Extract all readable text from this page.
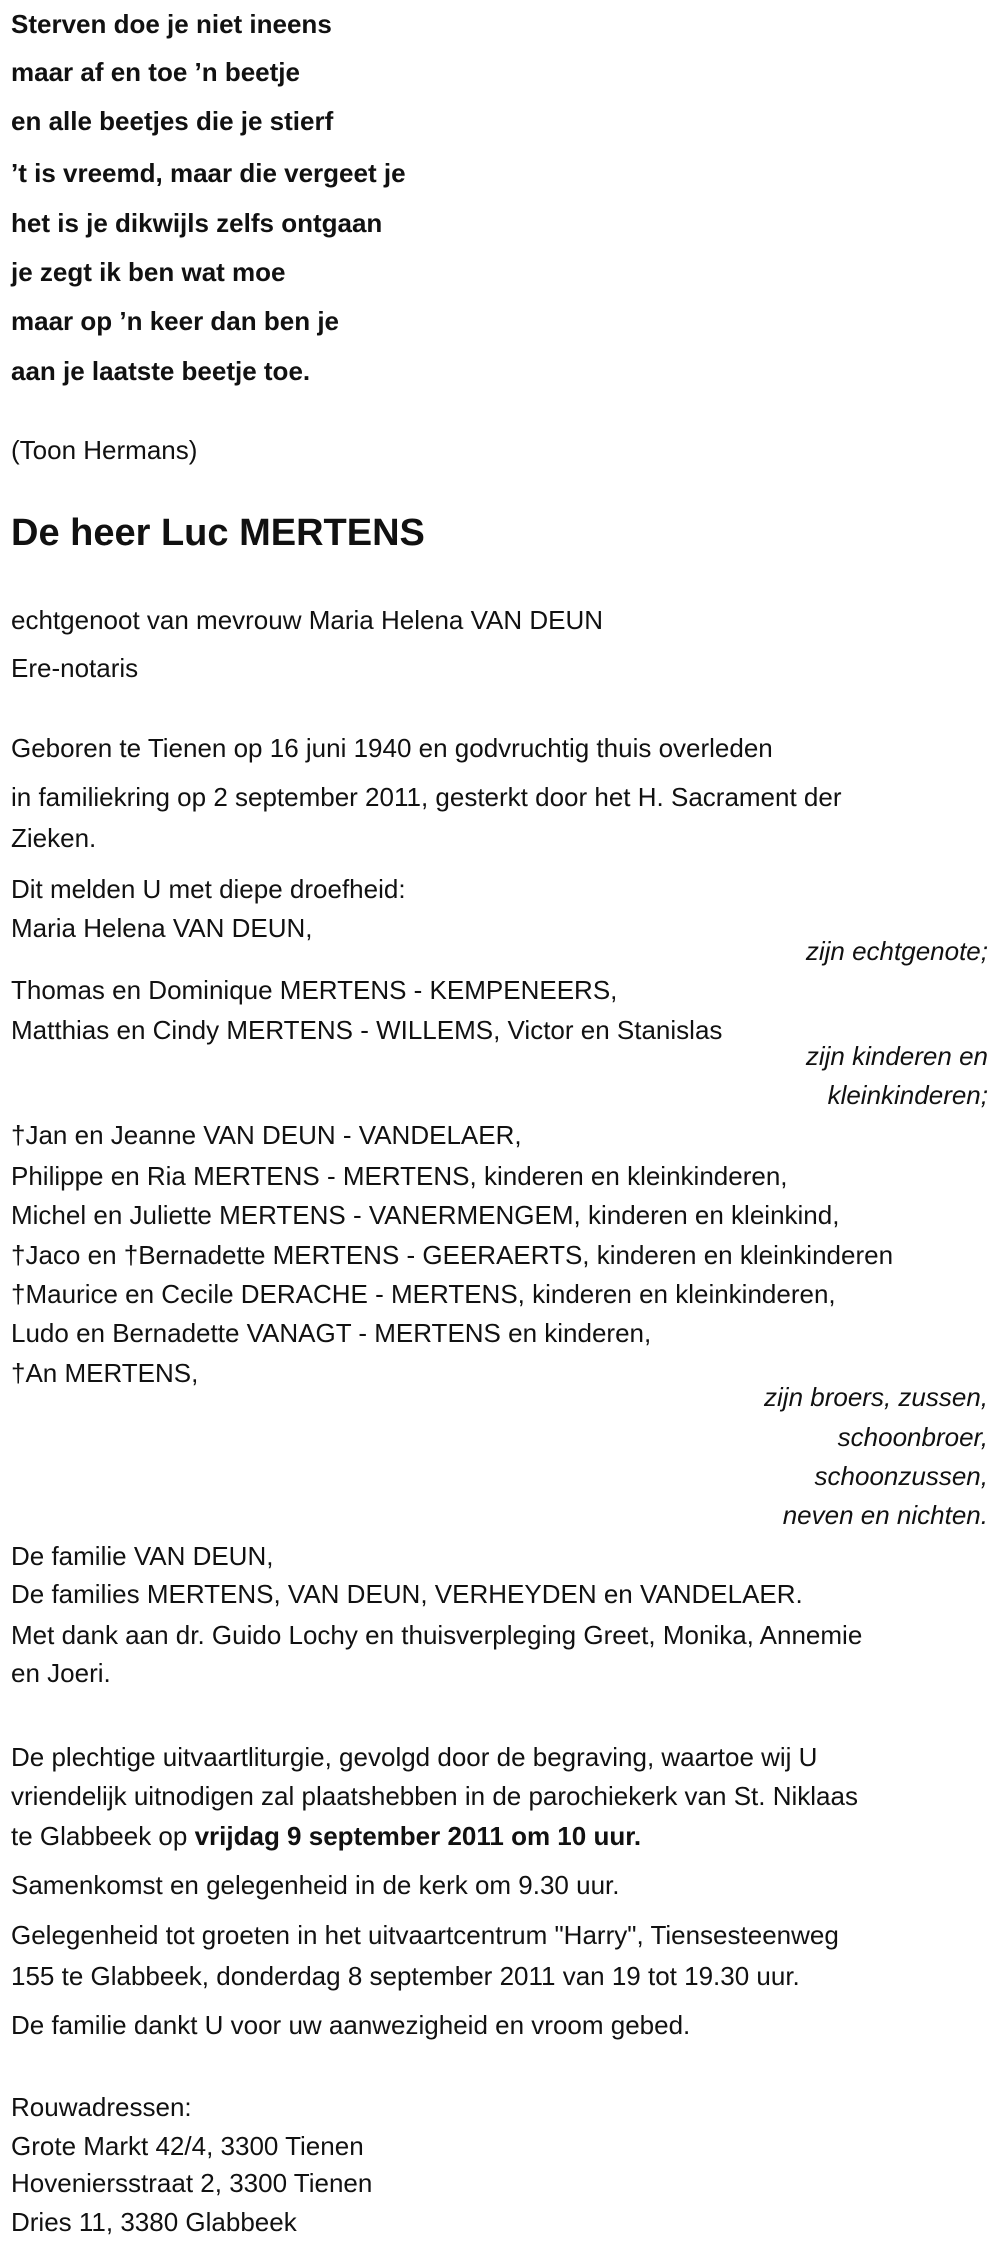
Sterven doe je niet ineens
maar af en toe ’n beetje
en alle beetjes die je stierf
’t is vreemd, maar die vergeet je
het is je dikwijls zelfs ontgaan
je zegt ik ben wat moe
maar op ’n keer dan ben je
aan je laatste beetje toe.
(Toon Hermans)
De heer Luc MERTENS
echtgenoot van mevrouw Maria Helena VAN DEUN
Ere-notaris
Geboren te Tienen op 16 juni 1940 en godvruchtig thuis overleden
in familiekring op 2 september 2011, gesterkt door het H. Sacrament der
Zieken.
Dit melden U met diepe droefheid:
Maria Helena VAN DEUN,
zijn echtgenote;
Thomas en Dominique MERTENS - KEMPENEERS,
Matthias en Cindy MERTENS - WILLEMS, Victor en Stanislas
zijn kinderen en
kleinkinderen;
†Jan en Jeanne VAN DEUN - VANDELAER,
Philippe en Ria MERTENS - MERTENS, kinderen en kleinkinderen,
Michel en Juliette MERTENS - VANERMENGEM, kinderen en kleinkind,
†Jaco en †Bernadette MERTENS - GEERAERTS, kinderen en kleinkinderen
†Maurice en Cecile DERACHE - MERTENS, kinderen en kleinkinderen,
Ludo en Bernadette VANAGT - MERTENS en kinderen,
†An MERTENS,
zijn broers, zussen,
schoonbroer,
schoonzussen,
neven en nichten.
De familie VAN DEUN,
De families MERTENS, VAN DEUN, VERHEYDEN en VANDELAER.
Met dank aan dr. Guido Lochy en thuisverpleging Greet, Monika, Annemie
en Joeri.
De plechtige uitvaartliturgie, gevolgd door de begraving, waartoe wij U
vriendelijk uitnodigen zal plaatshebben in de parochiekerk van St. Niklaas
te Glabbeek op vrijdag 9 september 2011 om 10 uur.
Samenkomst en gelegenheid in de kerk om 9.30 uur.
Gelegenheid tot groeten in het uitvaartcentrum "Harry", Tiensesteenweg
155 te Glabbeek, donderdag 8 september 2011 van 19 tot 19.30 uur.
De familie dankt U voor uw aanwezigheid en vroom gebed.
Rouwadressen:
Grote Markt 42/4, 3300 Tienen
Hoveniersstraat 2, 3300 Tienen
Dries 11, 3380 Glabbeek
